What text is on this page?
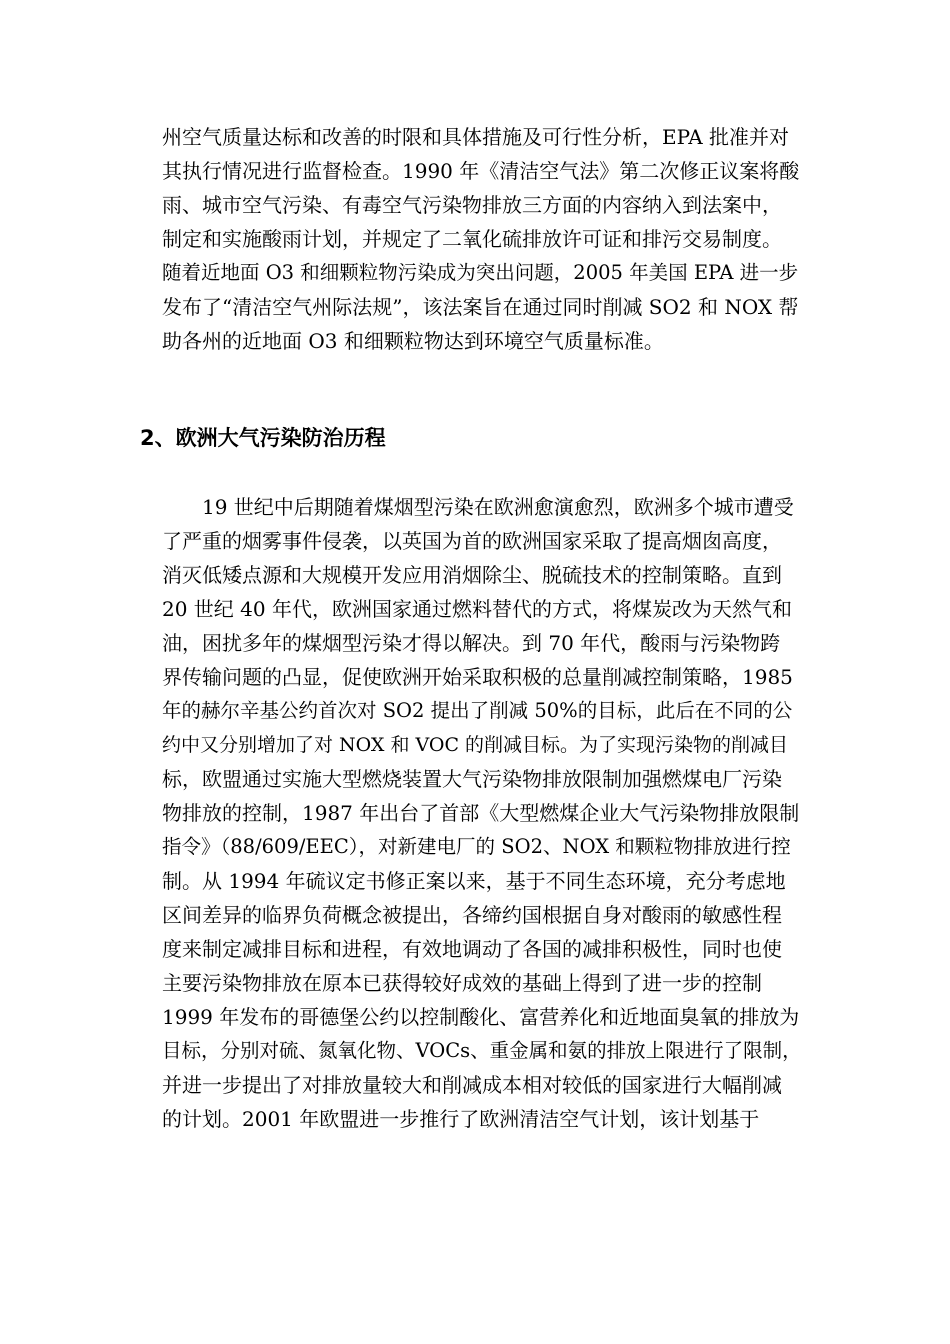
州空气质量达标和改善的时限和具体措施及可行性分析，EPA 批准并对
其执行情况进行监督检查。1990 年《清洁空气法》第二次修正议案将酸
雨、城市空气污染、有毒空气污染物排放三方面的内容纳入到法案中，
制定和实施酸雨计划，并规定了二氧化硫排放许可证和排污交易制度。
随着近地面 O3 和细颗粒物污染成为突出问题，2005 年美国 EPA 进一步
发布了“清洁空气州际法规”，该法案旨在通过同时削减 SO2 和 NOX 帮
助各州的近地面 O3 和细颗粒物达到环境空气质量标准。
2、欧洲大气污染防治历程
19 世纪中后期随着煤烟型污染在欧洲愈演愈烈，欧洲多个城市遭受
了严重的烟雾事件侵袭，以英国为首的欧洲国家采取了提高烟囱高度，
消灭低矮点源和大规模开发应用消烟除尘、脱硫技术的控制策略。直到
20 世纪 40 年代，欧洲国家通过燃料替代的方式，将煤炭改为天然气和
油，困扰多年的煤烟型污染才得以解决。到 70 年代，酸雨与污染物跨
界传输问题的凸显，促使欧洲开始采取积极的总量削减控制策略，1985
年的赫尔辛基公约首次对 SO2 提出了削减 50%的目标，此后在不同的公
约中又分别增加了对 NOX 和 VOC 的削减目标。为了实现污染物的削减目
标，欧盟通过实施大型燃烧装置大气污染物排放限制加强燃煤电厂污染
物排放的控制，1987 年出台了首部《大型燃煤企业大气污染物排放限制
指令》（88/609/EEC），对新建电厂的 SO2、NOX 和颗粒物排放进行控
制。从 1994 年硫议定书修正案以来，基于不同生态环境，充分考虑地
区间差异的临界负荷概念被提出，各缔约国根据自身对酸雨的敏感性程
度来制定减排目标和进程，有效地调动了各国的减排积极性，同时也使
主要污染物排放在原本已获得较好成效的基础上得到了进一步的控制
1999 年发布的哥德堡公约以控制酸化、富营养化和近地面臭氧的排放为
目标，分别对硫、氮氧化物、VOCs、重金属和氨的排放上限进行了限制，
并进一步提出了对排放量较大和削减成本相对较低的国家进行大幅削减
的计划。2001 年欧盟进一步推行了欧洲清洁空气计划，该计划基于
